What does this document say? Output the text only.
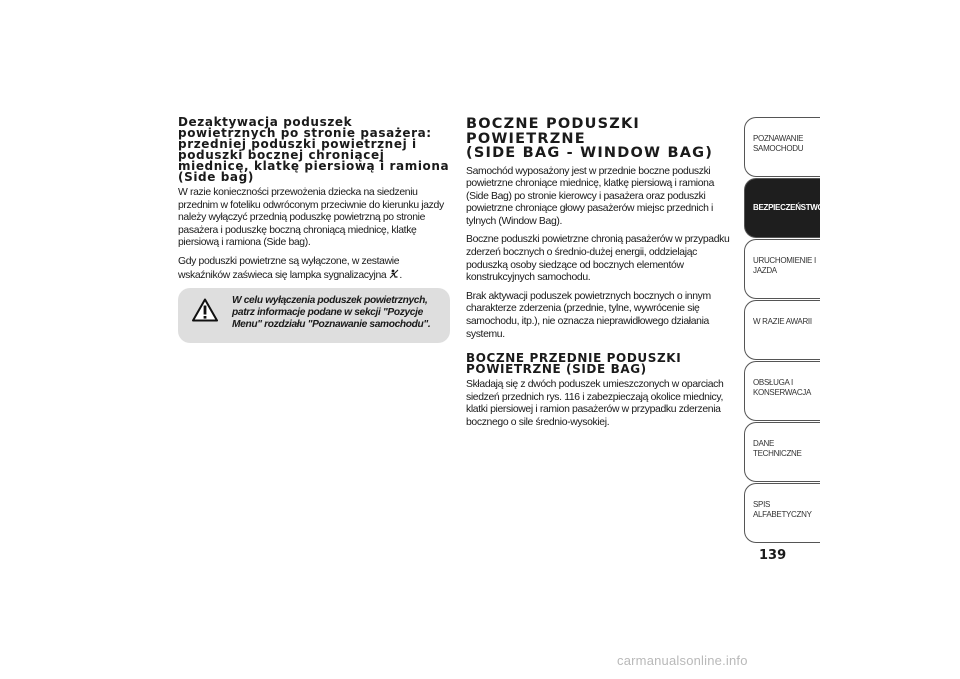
Dezaktywacja poduszek powietrznych po stronie pasażera: przedniej poduszki powietrznej i poduszki bocznej chroniącej miednicę, klatkę piersiową i ramiona (Side bag)

W razie konieczności przewożenia dziecka na siedzeniu przednim w foteliku odwróconym przeciwnie do kierunku jazdy należy wyłączyć przednią poduszkę powietrzną po stronie pasażera i poduszkę boczną chroniącą miednicę, klatkę piersiową i ramiona (Side bag).

Gdy poduszki powietrzne są wyłączone, w zestawie wskaźników zaświeca się lampka sygnalizacyjna .

W celu wyłączenia poduszek powietrznych, patrz informacje podane w sekcji "Pozycje Menu" rozdziału "Poznawanie samochodu".
BOCZNE PODUSZKI
POWIETRZNE
(SIDE BAG - WINDOW BAG)

Samochód wyposażony jest w przednie boczne poduszki powietrzne chroniące miednicę, klatkę piersiową i ramiona (Side Bag) po stronie kierowcy i pasażera oraz poduszki powietrzne chroniące głowy pasażerów miejsc przednich i tylnych (Window Bag).

Boczne poduszki powietrzne chronią pasażerów w przypadku zderzeń bocznych o średnio-dużej energii, oddzielając poduszką osoby siedzące od bocznych elementów konstrukcyjnych samochodu.

Brak aktywacji poduszek powietrznych bocznych o innym charakterze zderzenia (przednie, tylne, wywrócenie się samochodu, itp.), nie oznacza nieprawidłowego działania systemu.

BOCZNE PRZEDNIE PODUSZKI
POWIETRZNE (SIDE BAG)

Składają się z dwóch poduszek umieszczonych w oparciach siedzeń przednich rys. 116 i zabezpieczają okolice miednicy, klatki piersiowej i ramion pasażerów w przypadku zderzenia bocznego o sile średnio-wysokiej.

POZNAWANIE
SAMOCHODU
BEZPIECZEŃSTWO
URUCHOMIENIE I
JAZDA
W RAZIE AWARII
OBSŁUGA I
KONSERWACJA
DANE TECHNICZNE
SPIS ALFABETYCZNY
139
carmanualsonline.info
